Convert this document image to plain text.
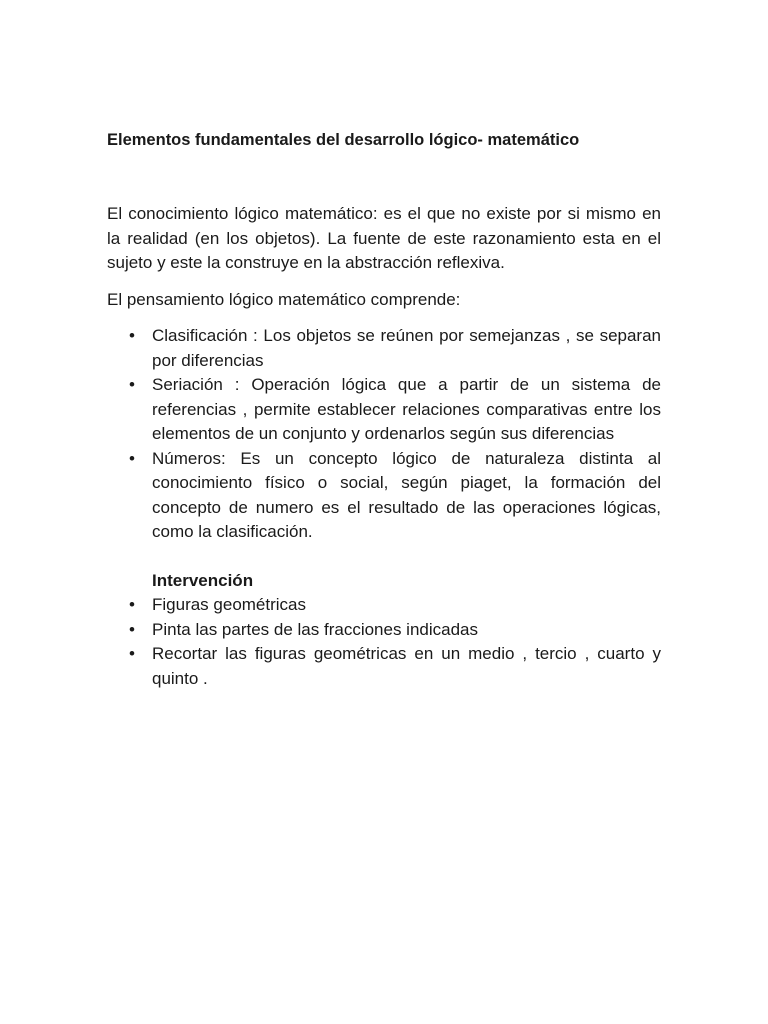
Elementos fundamentales del desarrollo lógico- matemático

El conocimiento lógico matemático: es el que no existe por si mismo en la realidad (en los objetos). La fuente de este razonamiento esta en el sujeto y este la construye en la abstracción reflexiva.

El pensamiento lógico matemático comprende:

•	Clasificación : Los objetos se reúnen por semejanzas , se separan por diferencias
•	Seriación : Operación lógica que a partir de un sistema de referencias , permite establecer relaciones comparativas entre los elementos de un conjunto y ordenarlos según sus diferencias
•	Números: Es un concepto lógico de naturaleza distinta al conocimiento físico o social, según piaget, la formación del concepto de numero es el resultado de las operaciones lógicas, como la clasificación.
Intervención
•	Figuras geométricas
•	Pinta las partes de las fracciones indicadas
•	Recortar las figuras geométricas en un medio , tercio , cuarto y quinto .
